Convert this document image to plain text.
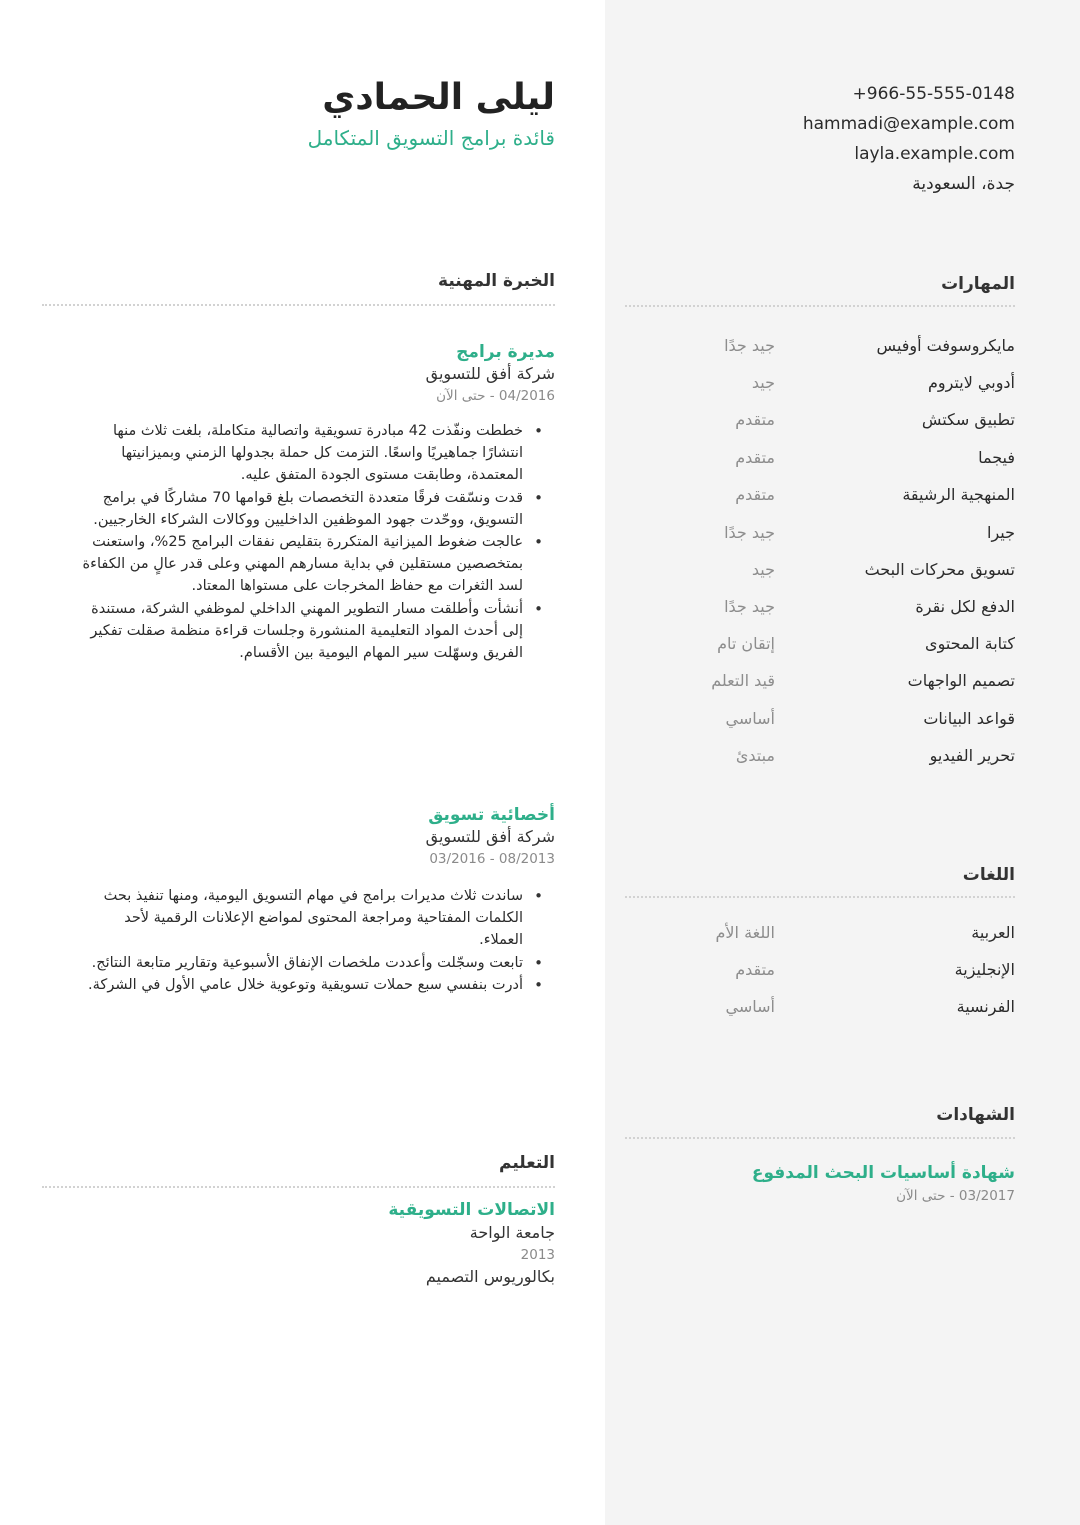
ليلى الحمادي
قائدة برامج التسويق المتكامل
+966-55-555-0148
hammadi@example.com
layla.example.com
جدة، السعودية
الخبرة المهنية
مديرة برامج
شركة أفق للتسويق
04/2016 - حتى الآن
• خططت ونفّذت 42 مبادرة تسويقية واتصالية متكاملة، بلغت ثلاث منها انتشارًا جماهيريًا واسعًا. التزمت كل حملة بجدولها الزمني وبميزانيتها المعتمدة، وطابقت مستوى الجودة المتفق عليه.
• قدت ونسّقت فرقًا متعددة التخصصات بلغ قوامها 70 مشاركًا في برامج التسويق، ووحّدت جهود الموظفين الداخليين ووكالات الشركاء الخارجيين.
• عالجت ضغوط الميزانية المتكررة بتقليص نفقات البرامج 25%، واستعنت بمتخصصين مستقلين في بداية مسارهم المهني وعلى قدر عالٍ من الكفاءة لسد الثغرات مع حفاظ المخرجات على مستواها المعتاد.
• أنشأت وأطلقت مسار التطوير المهني الداخلي لموظفي الشركة، مستندة إلى أحدث المواد التعليمية المنشورة وجلسات قراءة منظمة صقلت تفكير الفريق وسهّلت سير المهام اليومية بين الأقسام.
أخصائية تسويق
شركة أفق للتسويق
08/2013 - 03/2016
• ساندت ثلاث مديرات برامج في مهام التسويق اليومية، ومنها تنفيذ بحث الكلمات المفتاحية ومراجعة المحتوى لمواضع الإعلانات الرقمية لأحد العملاء.
• تابعت وسجّلت وأعددت ملخصات الإنفاق الأسبوعية وتقارير متابعة النتائج.
• أدرت بنفسي سبع حملات تسويقية وتوعوية خلال عامي الأول في الشركة.
التعليم
الاتصالات التسويقية
جامعة الواحة
2013
بكالوريوس التصميم
المهارات
مايكروسوفت أوفيس
جيد جدًا
أدوبي لايتروم
جيد
تطبيق سكتش
متقدم
فيجما
متقدم
المنهجية الرشيقة
متقدم
جيرا
جيد جدًا
تسويق محركات البحث
جيد
الدفع لكل نقرة
جيد جدًا
كتابة المحتوى
إتقان تام
تصميم الواجهات
قيد التعلم
قواعد البيانات
أساسي
تحرير الفيديو
مبتدئ
اللغات
العربية
اللغة الأم
الإنجليزية
متقدم
الفرنسية
أساسي
الشهادات
شهادة أساسيات البحث المدفوع
03/2017 - حتى الآن
